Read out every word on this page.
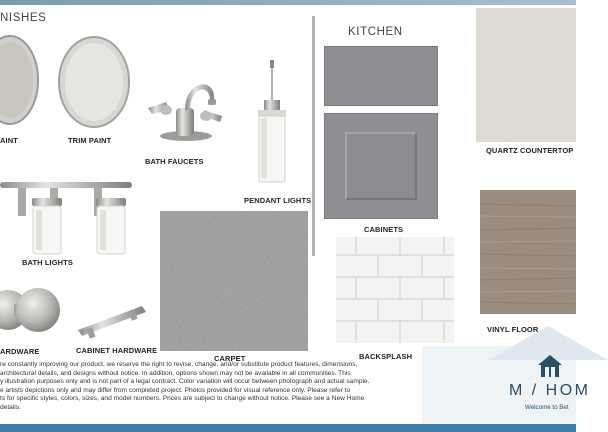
NISHES
KITCHEN
AINT	TRIM PAINT
BATH FAUCETS
PENDANT LIGHTS
BATH LIGHTS
ARDWARE	CABINET HARDWARE
CARPET
CABINETS
BACKSPLASH
QUARTZ COUNTERTOP
VINYL FLOOR
re constantly improving our product, we reserve the right to revise, change, and/or substitute product features, dimensions,
architectural details, and designs without notice. In addition, options shown may not be available in all communities. This
y illustration purposes only and is not part of a legal contract. Color variation will occur between photograph and actual sample.
e artists depictions only and may differ from completed project. Photos provided for visual reference only. Please refer to
ts for specific styles, colors, sizes, and model numbers. Prices are subject to change without notice. Please see a New Home
details.
M / HOM
Welcome to Bet
